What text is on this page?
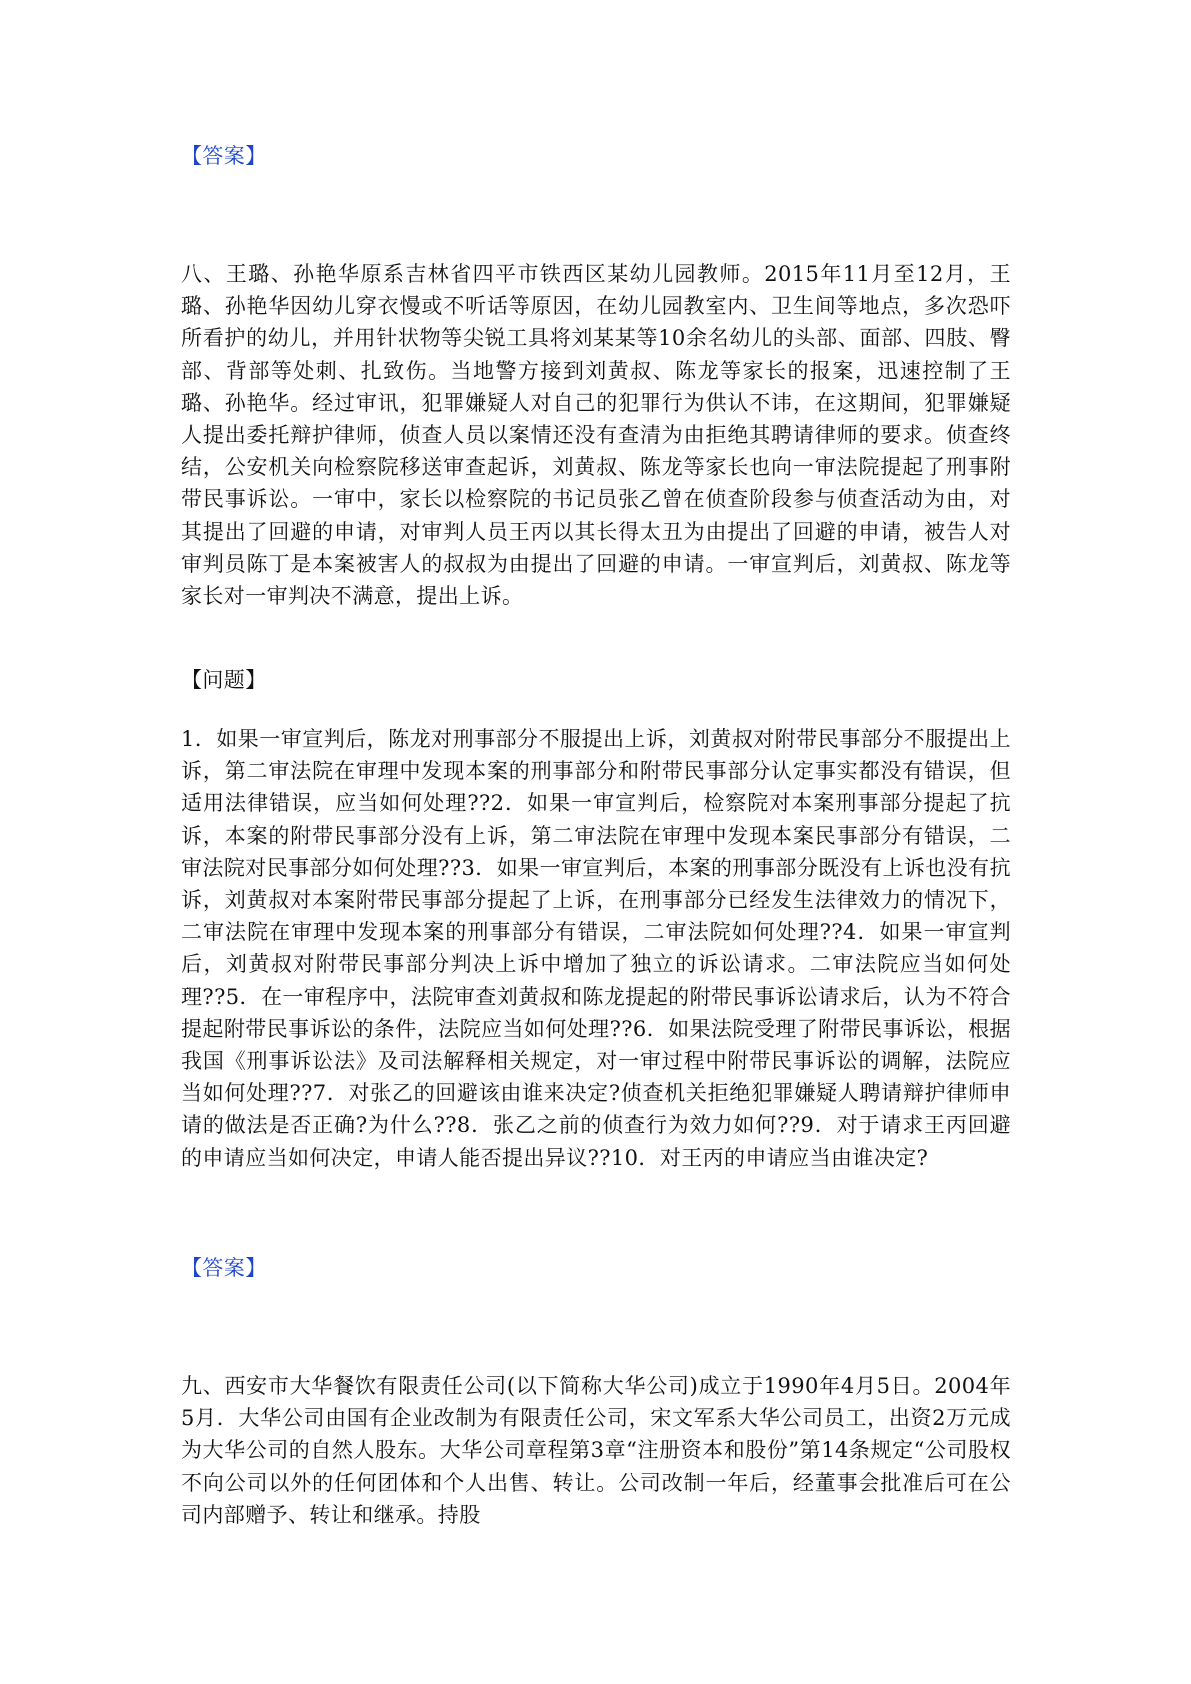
【答案】
八、王璐、孙艳华原系吉林省四平市铁西区某幼儿园教师。2015年11月至12月，王璐、孙艳华因幼儿穿衣慢或不听话等原因，在幼儿园教室内、卫生间等地点，多次恐吓所看护的幼儿，并用针状物等尖锐工具将刘某某等10余名幼儿的头部、面部、四肢、臀部、背部等处刺、扎致伤。当地警方接到刘黄叔、陈龙等家长的报案，迅速控制了王璐、孙艳华。经过审讯，犯罪嫌疑人对自己的犯罪行为供认不讳，在这期间，犯罪嫌疑人提出委托辩护律师，侦查人员以案情还没有查清为由拒绝其聘请律师的要求。侦查终结，公安机关向检察院移送审查起诉，刘黄叔、陈龙等家长也向一审法院提起了刑事附带民事诉讼。一审中，家长以检察院的书记员张乙曾在侦查阶段参与侦查活动为由，对其提出了回避的申请，对审判人员王丙以其长得太丑为由提出了回避的申请，被告人对审判员陈丁是本案被害人的叔叔为由提出了回避的申请。一审宣判后，刘黄叔、陈龙等家长对一审判决不满意，提出上诉。
【问题】
1．如果一审宣判后，陈龙对刑事部分不服提出上诉，刘黄叔对附带民事部分不服提出上诉，第二审法院在审理中发现本案的刑事部分和附带民事部分认定事实都没有错误，但适用法律错误，应当如何处理??2．如果一审宣判后，检察院对本案刑事部分提起了抗诉，本案的附带民事部分没有上诉，第二审法院在审理中发现本案民事部分有错误，二审法院对民事部分如何处理??3．如果一审宣判后，本案的刑事部分既没有上诉也没有抗诉，刘黄叔对本案附带民事部分提起了上诉，在刑事部分已经发生法律效力的情况下，二审法院在审理中发现本案的刑事部分有错误，二审法院如何处理??4．如果一审宣判后，刘黄叔对附带民事部分判决上诉中增加了独立的诉讼请求。二审法院应当如何处理??5．在一审程序中，法院审查刘黄叔和陈龙提起的附带民事诉讼请求后，认为不符合提起附带民事诉讼的条件，法院应当如何处理??6．如果法院受理了附带民事诉讼，根据我国《刑事诉讼法》及司法解释相关规定，对一审过程中附带民事诉讼的调解，法院应当如何处理??7．对张乙的回避该由谁来决定?侦查机关拒绝犯罪嫌疑人聘请辩护律师申请的做法是否正确?为什么??8．张乙之前的侦查行为效力如何??9．对于请求王丙回避的申请应当如何决定，申请人能否提出异议??10．对王丙的申请应当由谁决定?
【答案】
九、西安市大华餐饮有限责任公司(以下简称大华公司)成立于1990年4月5日。2004年5月．大华公司由国有企业改制为有限责任公司，宋文军系大华公司员工，出资2万元成为大华公司的自然人股东。大华公司章程第3章“注册资本和股份”第14条规定“公司股权不向公司以外的任何团体和个人出售、转让。公司改制一年后，经董事会批准后可在公司内部赠予、转让和继承。持股
